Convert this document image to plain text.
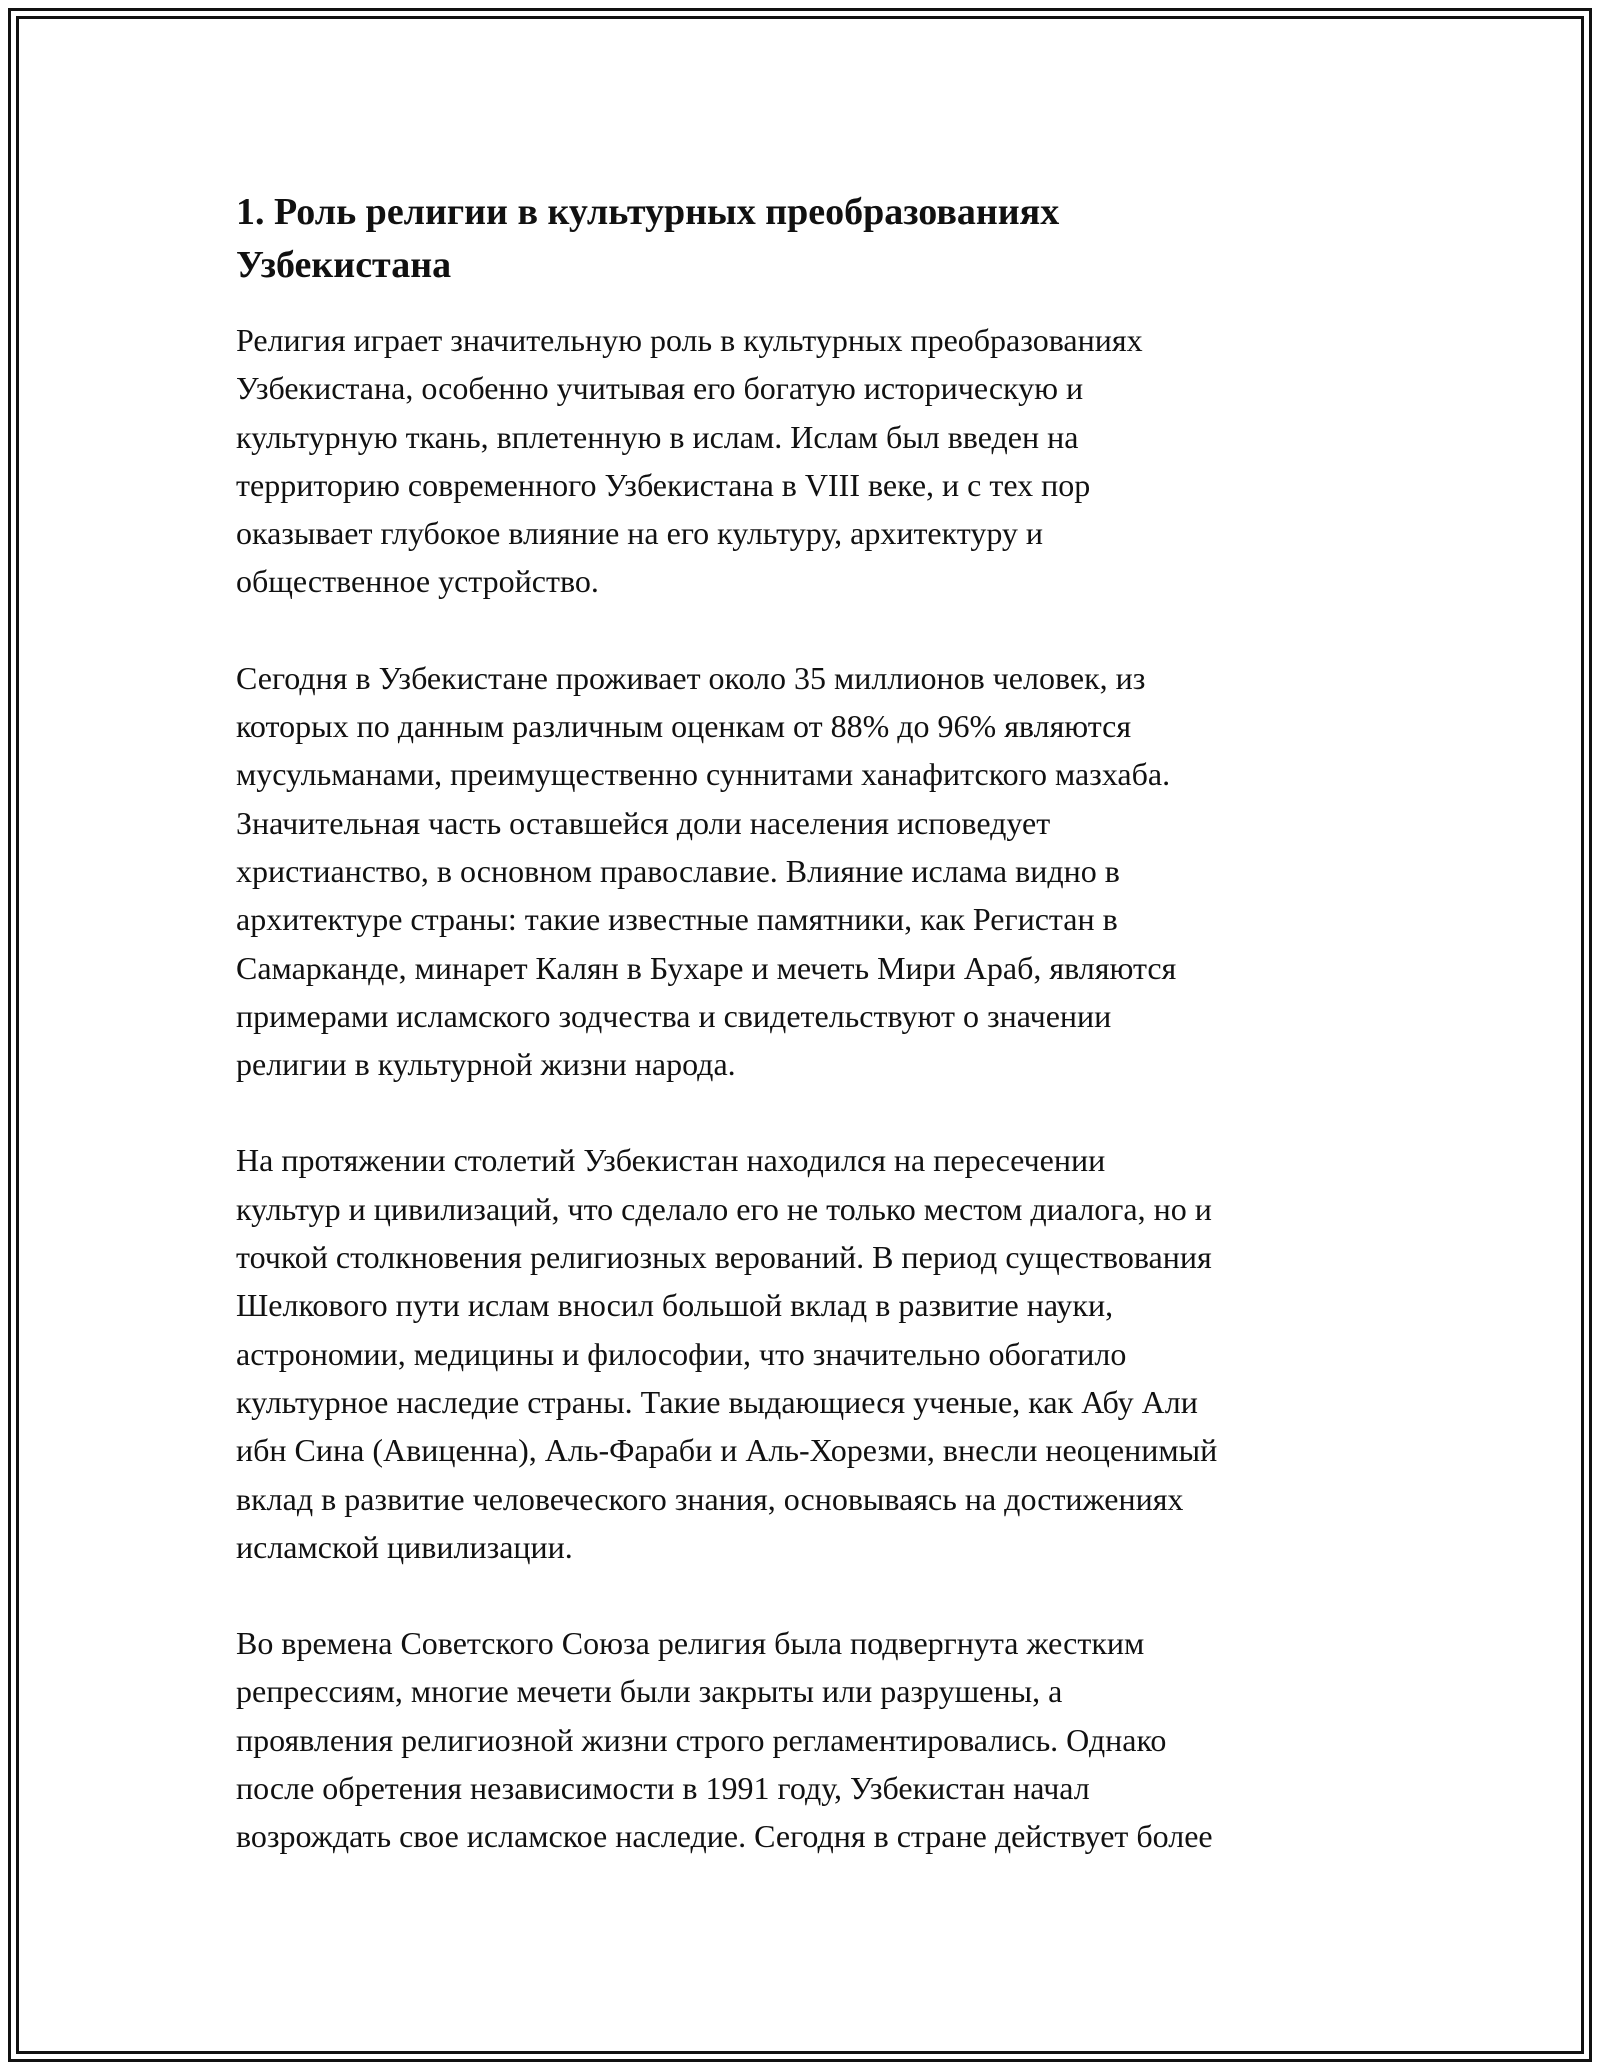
1. Роль религии в культурных преобразованиях
Узбекистана

Религия играет значительную роль в культурных преобразованиях
Узбекистана, особенно учитывая его богатую историческую и
культурную ткань, вплетенную в ислам. Ислам был введен на
территорию современного Узбекистана в VIII веке, и с тех пор
оказывает глубокое влияние на его культуру, архитектуру и
общественное устройство.

Сегодня в Узбекистане проживает около 35 миллионов человек, из
которых по данным различным оценкам от 88% до 96% являются
мусульманами, преимущественно суннитами ханафитского мазхаба.
Значительная часть оставшейся доли населения исповедует
христианство, в основном православие. Влияние ислама видно в
архитектуре страны: такие известные памятники, как Регистан в
Самарканде, минарет Калян в Бухаре и мечеть Мири Араб, являются
примерами исламского зодчества и свидетельствуют о значении
религии в культурной жизни народа.

На протяжении столетий Узбекистан находился на пересечении
культур и цивилизаций, что сделало его не только местом диалога, но и
точкой столкновения религиозных верований. В период существования
Шелкового пути ислам вносил большой вклад в развитие науки,
астрономии, медицины и философии, что значительно обогатило
культурное наследие страны. Такие выдающиеся ученые, как Абу Али
ибн Сина (Авиценна), Аль-Фараби и Аль-Хорезми, внесли неоценимый
вклад в развитие человеческого знания, основываясь на достижениях
исламской цивилизации.

Во времена Советского Союза религия была подвергнута жестким
репрессиям, многие мечети были закрыты или разрушены, а
проявления религиозной жизни строго регламентировались. Однако
после обретения независимости в 1991 году, Узбекистан начал
возрождать свое исламское наследие. Сегодня в стране действует более
